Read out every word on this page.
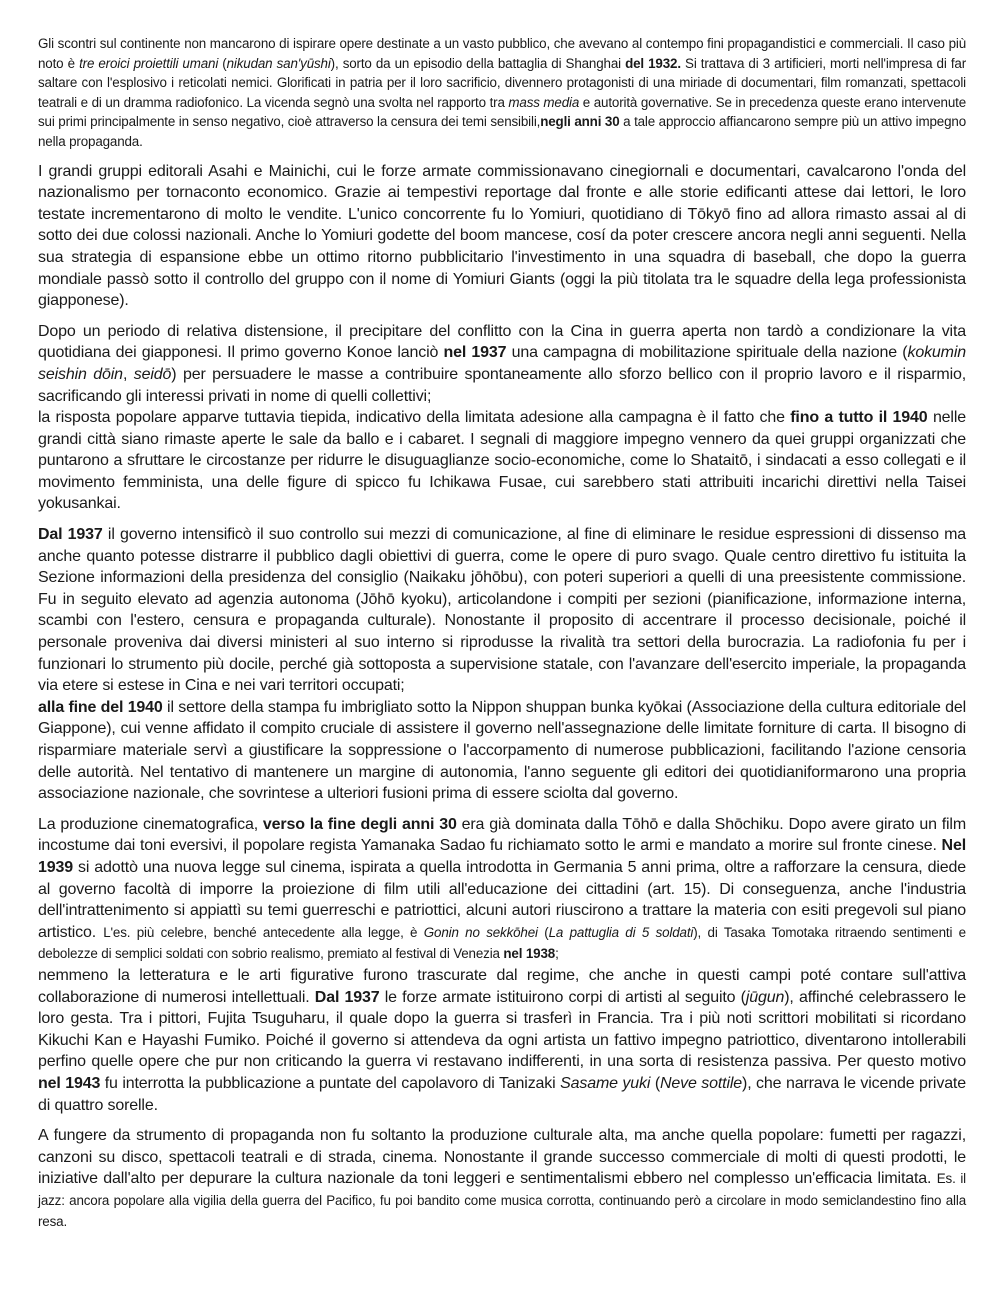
Gli scontri sul continente non mancarono di ispirare opere destinate a un vasto pubblico, che avevano al contempo fini propagandistici e commerciali. Il caso più noto è tre eroici proiettili umani (nikudan san'yūshi), sorto da un episodio della battaglia di Shanghai del 1932. Si trattava di 3 artificieri, morti nell'impresa di far saltare con l'esplosivo i reticolati nemici. Glorificati in patria per il loro sacrificio, divennero protagonisti di una miriade di documentari, film romanzati, spettacoli teatrali e di un dramma radiofonico. La vicenda segnò una svolta nel rapporto tra mass media e autorità governative. Se in precedenza queste erano intervenute sui primi principalmente in senso negativo, cioè attraverso la censura dei temi sensibili,negli anni 30 a tale approccio affiancarono sempre più un attivo impegno nella propaganda.

I grandi gruppi editorali Asahi e Mainichi, cui le forze armate commissionavano cinegiornali e documentari, cavalcarono l'onda del nazionalismo per tornaconto economico. Grazie ai tempestivi reportage dal fronte e alle storie edificanti attese dai lettori, le loro testate incrementarono di molto le vendite. L'unico concorrente fu lo Yomiuri, quotidiano di Tōkyō fino ad allora rimasto assai al di sotto dei due colossi nazionali. Anche lo Yomiuri godette del boom mancese, cosí da poter crescere ancora negli anni seguenti. Nella sua strategia di espansione ebbe un ottimo ritorno pubblicitario l'investimento in una squadra di baseball, che dopo la guerra mondiale passò sotto il controllo del gruppo con il nome di Yomiuri Giants (oggi la più titolata tra le squadre della lega professionista giapponese).

Dopo un periodo di relativa distensione, il precipitare del conflitto con la Cina in guerra aperta non tardò a condizionare la vita quotidiana dei giapponesi. Il primo governo Konoe lanciò nel 1937 una campagna di mobilitazione spirituale della nazione (kokumin seishin dōin, seidō) per persuadere le masse a contribuire spontaneamente allo sforzo bellico con il proprio lavoro e il risparmio, sacrificando gli interessi privati in nome di quelli collettivi;
la risposta popolare apparve tuttavia tiepida, indicativo della limitata adesione alla campagna è il fatto che fino a tutto il 1940 nelle grandi città siano rimaste aperte le sale da ballo e i cabaret. I segnali di maggiore impegno vennero da quei gruppi organizzati che puntarono a sfruttare le circostanze per ridurre le disuguaglianze socio-economiche, come lo Shataitō, i sindacati a esso collegati e il movimento femminista, una delle figure di spicco fu Ichikawa Fusae, cui sarebbero stati attribuiti incarichi direttivi nella Taisei yokusankai.

Dal 1937 il governo intensificò il suo controllo sui mezzi di comunicazione, al fine di eliminare le residue espressioni di dissenso ma anche quanto potesse distrarre il pubblico dagli obiettivi di guerra, come le opere di puro svago. Quale centro direttivo fu istituita la Sezione informazioni della presidenza del consiglio (Naikaku jōhōbu), con poteri superiori a quelli di una preesistente commissione. Fu in seguito elevato ad agenzia autonoma (Jōhō kyoku), articolandone i compiti per sezioni (pianificazione, informazione interna, scambi con l'estero, censura e propaganda culturale). Nonostante il proposito di accentrare il processo decisionale, poiché il personale proveniva dai diversi ministeri al suo interno si riprodusse la rivalità tra settori della burocrazia. La radiofonia fu per i funzionari lo strumento più docile, perché già sottoposta a supervisione statale, con l'avanzare dell'esercito imperiale, la propaganda via etere si estese in Cina e nei vari territori occupati;
alla fine del 1940 il settore della stampa fu imbrigliato sotto la Nippon shuppan bunka kyōkai (Associazione della cultura editoriale del Giappone), cui venne affidato il compito cruciale di assistere il governo nell'assegnazione delle limitate forniture di carta. Il bisogno di risparmiare materiale servì a giustificare la soppressione o l'accorpamento di numerose pubblicazioni, facilitando l'azione censoria delle autorità. Nel tentativo di mantenere un margine di autonomia, l'anno seguente gli editori dei quotidianiformarono una propria associazione nazionale, che sovrintese a ulteriori fusioni prima di essere sciolta dal governo.

La produzione cinematografica, verso la fine degli anni 30 era già dominata dalla Tōhō e dalla Shōchiku. Dopo avere girato un film incostume dai toni eversivi, il popolare regista Yamanaka Sadao fu richiamato sotto le armi e mandato a morire sul fronte cinese. Nel 1939 si adottò una nuova legge sul cinema, ispirata a quella introdotta in Germania 5 anni prima, oltre a rafforzare la censura, diede al governo facoltà di imporre la proiezione di film utili all'educazione dei cittadini (art. 15). Di conseguenza, anche l'industria dell'intrattenimento si appiattì su temi guerreschi e patriottici, alcuni autori riuscirono a trattare la materia con esiti pregevoli sul piano artistico. L'es. più celebre, benché antecedente alla legge, è Gonin no sekkōhei (La pattuglia di 5 soldati), di Tasaka Tomotaka ritraendo sentimenti e debolezze di semplici soldati con sobrio realismo, premiato al festival di Venezia nel 1938;
nemmeno la letteratura e le arti figurative furono trascurate dal regime, che anche in questi campi poté contare sull'attiva collaborazione di numerosi intellettuali. Dal 1937 le forze armate istituirono corpi di artisti al seguito (jūgun), affinché celebrassero le loro gesta. Tra i pittori, Fujita Tsuguharu, il quale dopo la guerra si trasferì in Francia. Tra i più noti scrittori mobilitati si ricordano Kikuchi Kan e Hayashi Fumiko. Poiché il governo si attendeva da ogni artista un fattivo impegno patriottico, diventarono intollerabili perfino quelle opere che pur non criticando la guerra vi restavano indifferenti, in una sorta di resistenza passiva. Per questo motivo nel 1943 fu interrotta la pubblicazione a puntate del capolavoro di Tanizaki Sasame yuki (Neve sottile), che narrava le vicende private di quattro sorelle.

A fungere da strumento di propaganda non fu soltanto la produzione culturale alta, ma anche quella popolare: fumetti per ragazzi, canzoni su disco, spettacoli teatrali e di strada, cinema. Nonostante il grande successo commerciale di molti di questi prodotti, le iniziative dall'alto per depurare la cultura nazionale da toni leggeri e sentimentalismi ebbero nel complesso un'efficacia limitata. Es. il jazz: ancora popolare alla vigilia della guerra del Pacifico, fu poi bandito come musica corrotta, continuando però a circolare in modo semiclandestino fino alla resa.
